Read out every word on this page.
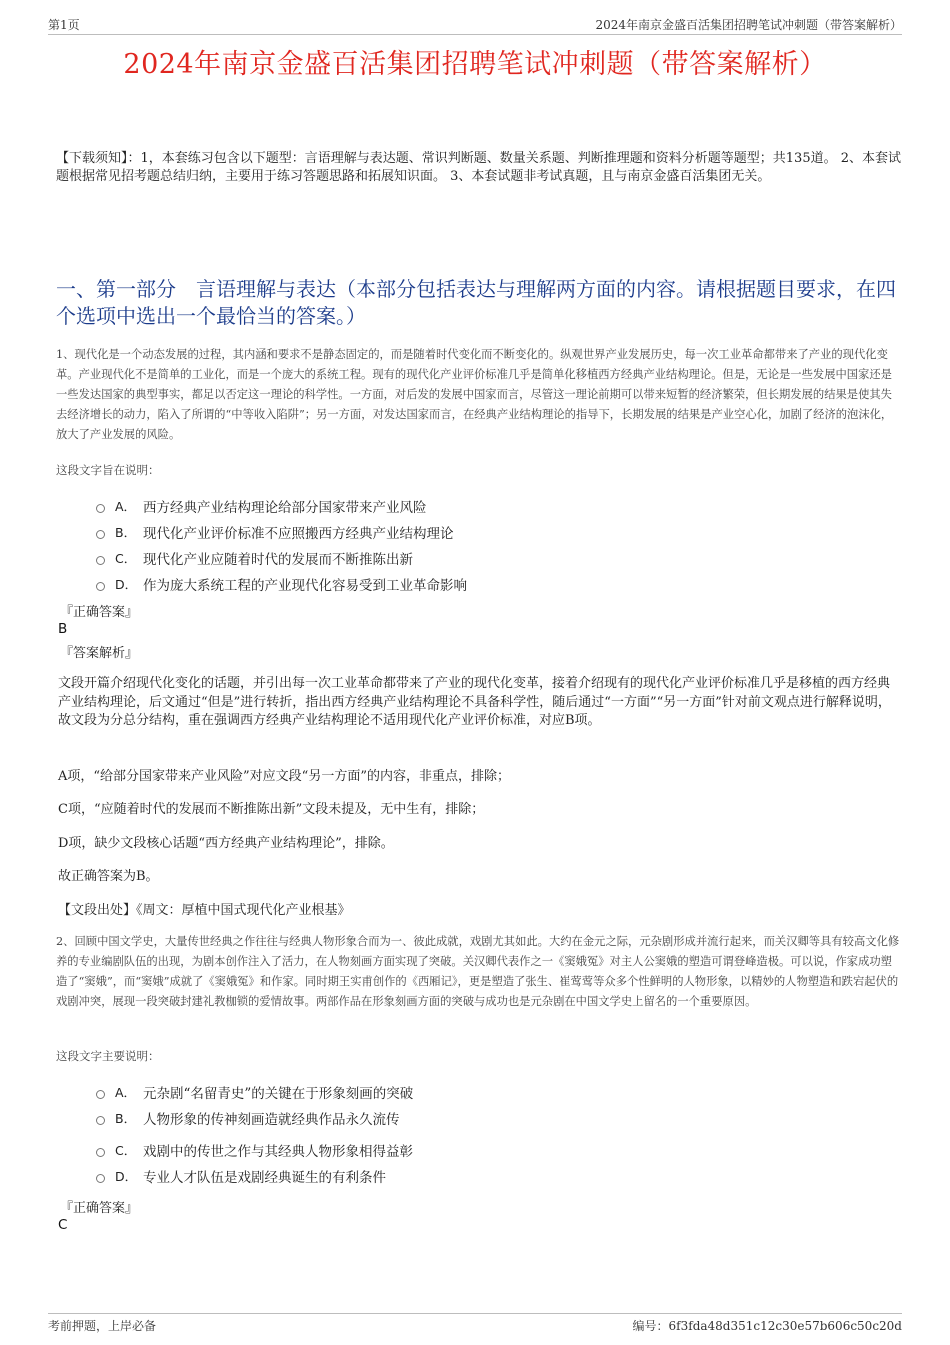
第1页	2024年南京金盛百活集团招聘笔试冲刺题（带答案解析）
2024年南京金盛百活集团招聘笔试冲刺题（带答案解析）
【下载须知】：1，本套练习包含以下题型：言语理解与表达题、常识判断题、数量关系题、判断推理题和资料分析题等题型；共135道。 2、本套试题根据常见招考题总结归纳，主要用于练习答题思路和拓展知识面。 3、本套试题非考试真题，且与南京金盛百活集团无关。
一、第一部分　言语理解与表达（本部分包括表达与理解两方面的内容。请根据题目要求，在四个选项中选出一个最恰当的答案。）
1、现代化是一个动态发展的过程，其内涵和要求不是静态固定的，而是随着时代变化而不断变化的。纵观世界产业发展历史，每一次工业革命都带来了产业的现代化变革。产业现代化不是简单的工业化，而是一个庞大的系统工程。现有的现代化产业评价标准几乎是简单化移植西方经典产业结构理论。但是，无论是一些发展中国家还是一些发达国家的典型事实，都足以否定这一理论的科学性。一方面，对后发的发展中国家而言，尽管这一理论前期可以带来短暂的经济繁荣，但长期发展的结果是使其失去经济增长的动力，陷入了所谓的“中等收入陷阱”；另一方面，对发达国家而言，在经典产业结构理论的指导下，长期发展的结果是产业空心化，加剧了经济的泡沫化，放大了产业发展的风险。
这段文字旨在说明：
A． 西方经典产业结构理论给部分国家带来产业风险
B． 现代化产业评价标准不应照搬西方经典产业结构理论
C． 现代化产业应随着时代的发展而不断推陈出新
D． 作为庞大系统工程的产业现代化容易受到工业革命影响
『正确答案』
B
『答案解析』
文段开篇介绍现代化变化的话题，并引出每一次工业革命都带来了产业的现代化变革，接着介绍现有的现代化产业评价标准几乎是移植的西方经典产业结构理论，后文通过“但是”进行转折，指出西方经典产业结构理论不具备科学性，随后通过“一方面”“另一方面”针对前文观点进行解释说明，故文段为分总分结构，重在强调西方经典产业结构理论不适用现代化产业评价标准，对应B项。
A项，“给部分国家带来产业风险”对应文段“另一方面”的内容，非重点，排除；
C项，“应随着时代的发展而不断推陈出新”文段未提及，无中生有，排除；
D项，缺少文段核心话题“西方经典产业结构理论”，排除。
故正确答案为B。
【文段出处】《周文：厚植中国式现代化产业根基》
2、回顾中国文学史，大量传世经典之作往往与经典人物形象合而为一、彼此成就，戏剧尤其如此。大约在金元之际，元杂剧形成并流行起来，而关汉卿等具有较高文化修养的专业编剧队伍的出现，为剧本创作注入了活力，在人物刻画方面实现了突破。关汉卿代表作之一《窦娥冤》对主人公窦娥的塑造可谓登峰造极。可以说，作家成功塑造了“窦娥”，而“窦娥”成就了《窦娥冤》和作家。同时期王实甫创作的《西厢记》，更是塑造了张生、崔莺莺等众多个性鲜明的人物形象，以精妙的人物塑造和跌宕起伏的戏剧冲突，展现一段突破封建礼教枷锁的爱情故事。两部作品在形象刻画方面的突破与成功也是元杂剧在中国文学史上留名的一个重要原因。
这段文字主要说明：
A． 元杂剧“名留青史”的关键在于形象刻画的突破
B． 人物形象的传神刻画造就经典作品永久流传
C． 戏剧中的传世之作与其经典人物形象相得益彰
D． 专业人才队伍是戏剧经典诞生的有利条件
『正确答案』
C
考前押题，上岸必备	编号：6f3fda48d351c12c30e57b606c50c20d
